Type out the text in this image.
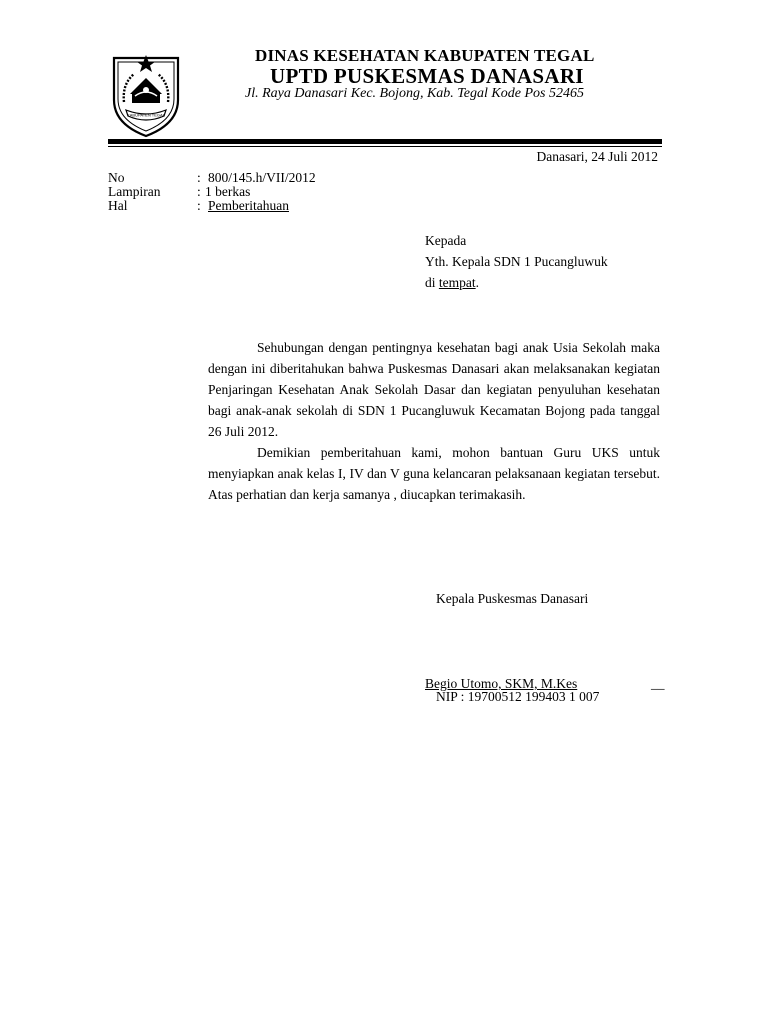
KABUPATEN TEGAL
DINAS KESEHATAN KABUPATEN TEGAL
UPTD PUSKESMAS DANASARI
Jl. Raya Danasari Kec. Bojong, Kab. Tegal Kode Pos 52465
Danasari, 24 Juli 2012
No	: 800/145.h/VII/2012
Lampiran	: 1 berkas
Hal	: Pemberitahuan
Kepada
Yth. Kepala SDN 1 Pucangluwuk
di tempat.

Sehubungan dengan pentingnya kesehatan bagi anak Usia Sekolah maka dengan ini diberitahukan bahwa Puskesmas Danasari akan melaksanakan kegiatan Penjaringan Kesehatan Anak Sekolah Dasar dan kegiatan penyuluhan kesehatan bagi anak-anak sekolah di SDN 1 Pucangluwuk Kecamatan Bojong pada tanggal 26 Juli 2012.

Demikian pemberitahuan kami, mohon bantuan Guru UKS untuk menyiapkan anak kelas I, IV dan V guna kelancaran pelaksanaan kegiatan tersebut. Atas perhatian dan kerja samanya , diucapkan terimakasih.

Kepala Puskesmas Danasari
Begio Utomo, SKM, M.Kes	__
NIP : 19700512 199403 1 007
